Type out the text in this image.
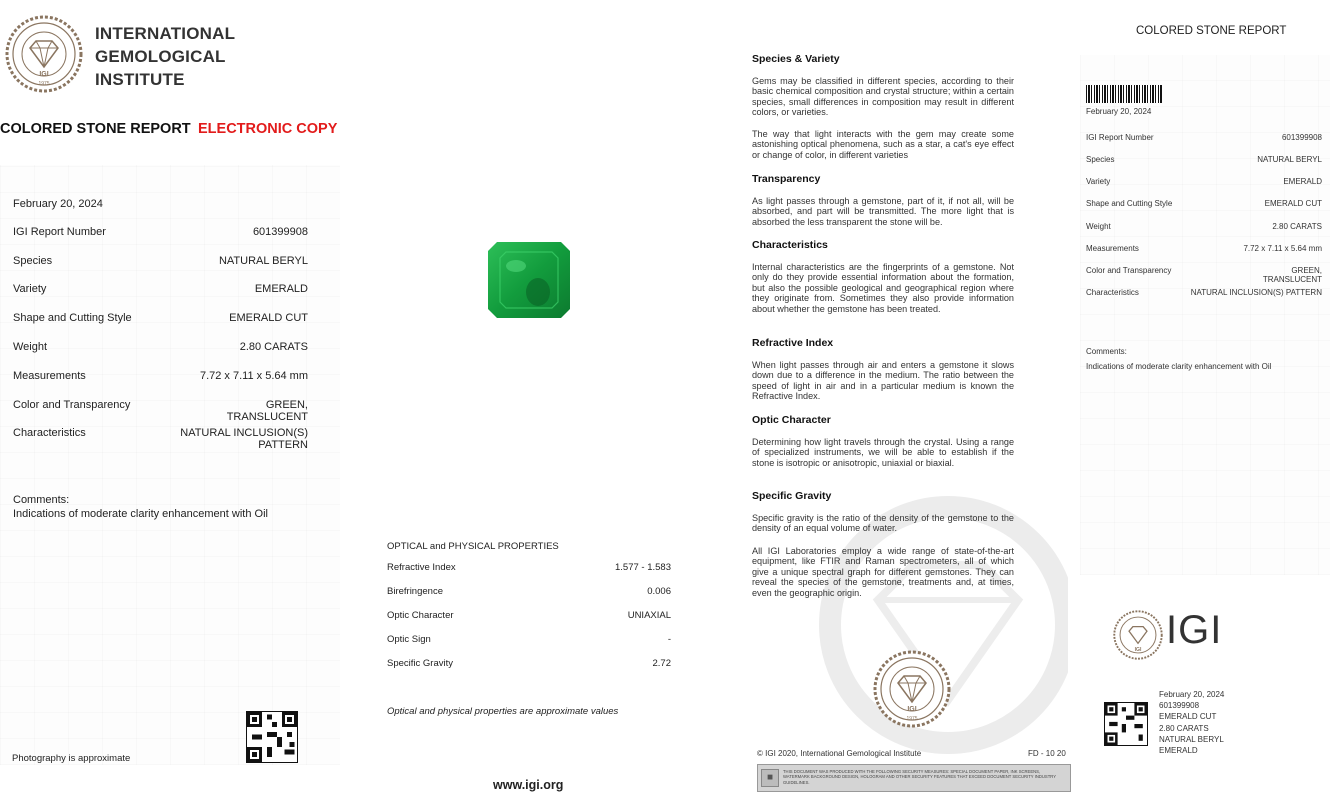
IGI
1975
INTERNATIONAL
GEMOLOGICAL
INSTITUTE
COLORED STONE REPORT ELECTRONIC COPY
February 20, 2024
IGI Report Number	601399908
Species	NATURAL BERYL
Variety	EMERALD
Shape and Cutting Style	EMERALD CUT
Weight	2.80 CARATS
Measurements	7.72 x 7.11 x 5.64 mm
Color and Transparency	GREEN,
TRANSLUCENT
Characteristics	NATURAL INCLUSION(S)
PATTERN
Comments:
Indications of moderate clarity enhancement with Oil
Photography is approximate
OPTICAL and PHYSICAL PROPERTIES
Refractive Index	1.577 - 1.583
Birefringence	0.006
Optic Character	UNIAXIAL
Optic Sign	-
Specific Gravity	2.72
Optical and physical properties are approximate values
www.igi.org
Species & Variety
Gems may be classified in different species, according to their basic chemical composition and crystal structure; within a certain species, small differences in composition may result in different colors, or varieties.
The way that light interacts with the gem may create some astonishing optical phenomena, such as a star, a cat's eye effect or change of color, in different varieties
Transparency
As light passes through a gemstone, part of it, if not all, will be absorbed, and part will be transmitted. The more light that is absorbed the less transparent the stone will be.
Characteristics
Internal characteristics are the fingerprints of a gemstone. Not only do they provide essential information about the formation, but also the possible geological and geographical region where they originate from. Sometimes they also provide information about whether the gemstone has been treated.
Refractive Index
When light passes through air and enters a gemstone it slows down due to a difference in the medium. The ratio between the speed of light in air and in a particular medium is known the Refractive Index.
Optic Character
Determining how light travels through the crystal. Using a range of specialized instruments, we will be able to establish if the stone is isotropic or anisotropic, uniaxial or biaxial.
Specific Gravity
Specific gravity is the ratio of the density of the gemstone to the density of an equal volume of water.
All IGI Laboratories employ a wide range of state-of-the-art equipment, like FTIR and Raman spectrometers, all of which give a unique spectral graph for different gemstones. They can reveal the species of the gemstone, treatments and, at times, even the geographic origin.
IGI
1975
© IGI 2020, International Gemological Institute	FD - 10 20
■
THIS DOCUMENT WAS PRODUCED WITH THE FOLLOWING SECURITY MEASURES: SPECIAL DOCUMENT PAPER, INK SCREENS, WATERMARK BACKGROUND DESIGN, HOLOGRAM AND OTHER SECURITY FEATURES THAT EXCEED DOCUMENT SECURITY INDUSTRY GUIDELINES.
COLORED STONE REPORT
February 20, 2024
IGI Report Number	601399908
Species	NATURAL BERYL
Variety	EMERALD
Shape and Cutting Style	EMERALD CUT
Weight	2.80 CARATS
Measurements	7.72 x 7.11 x 5.64 mm
Color and Transparency	GREEN,
TRANSLUCENT
Characteristics	NATURAL INCLUSION(S) PATTERN
Comments:
Indications of moderate clarity enhancement with Oil
IGI IGI
February 20, 2024
601399908
EMERALD CUT
2.80 CARATS
NATURAL BERYL
EMERALD
